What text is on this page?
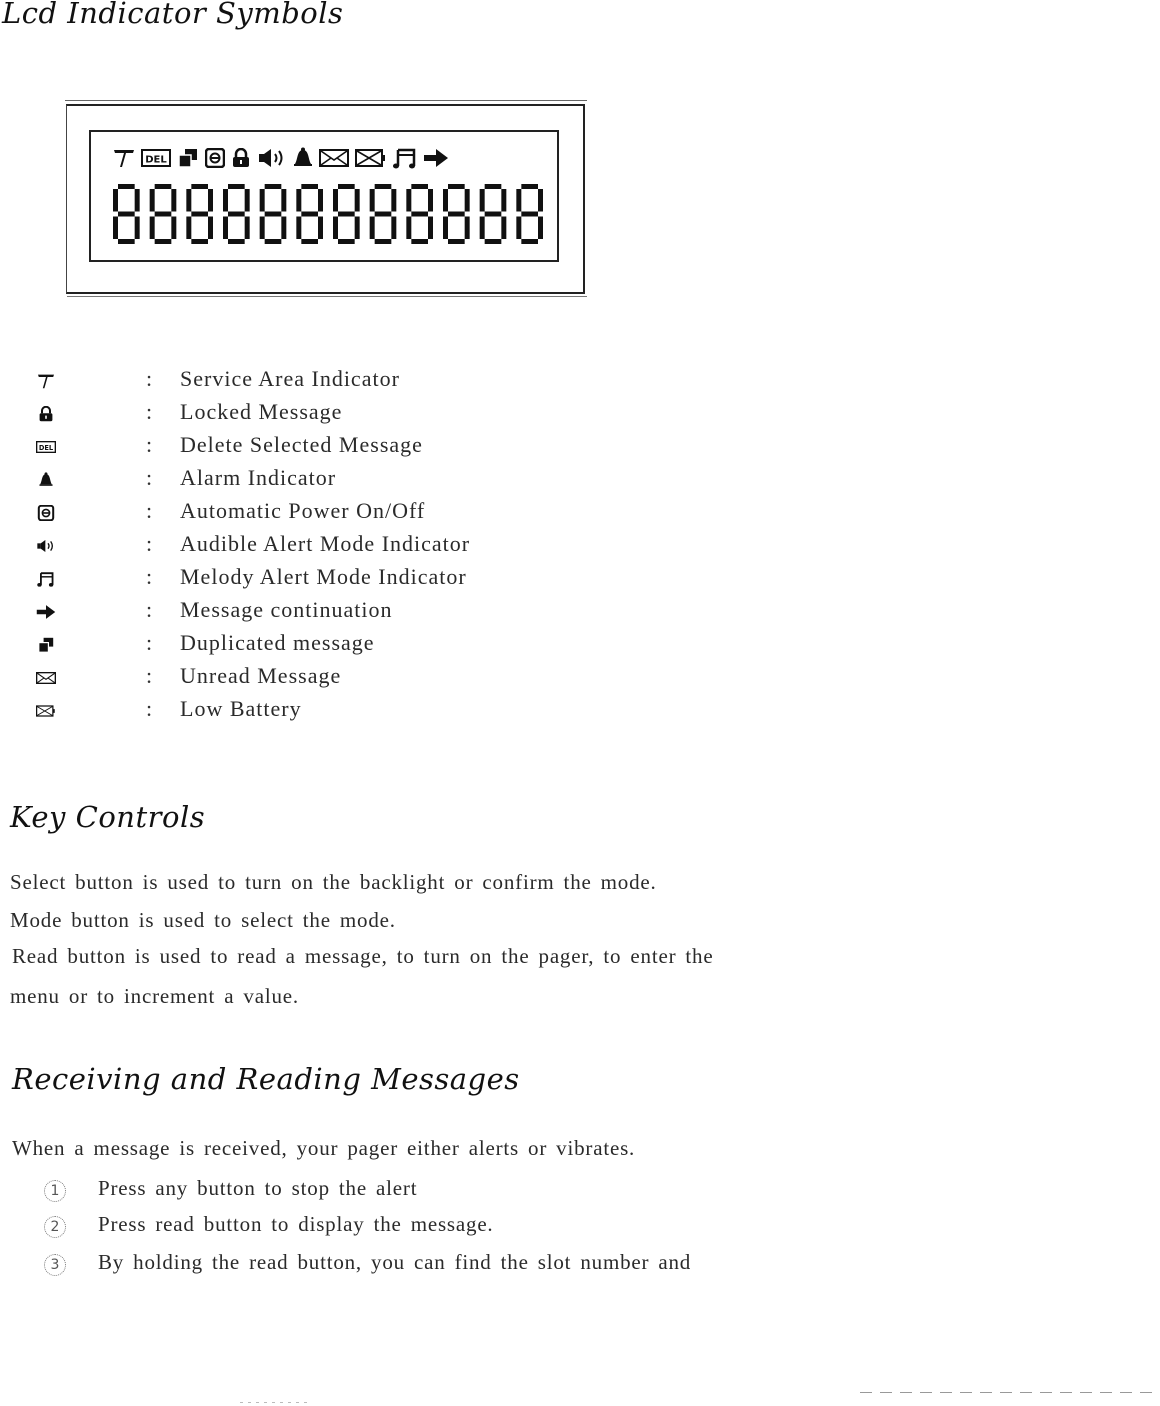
Lcd Indicator Symbols
DEL
: Service Area Indicator
: Locked Message
DEL	: Delete Selected Message
: Alarm Indicator
: Automatic Power On/Off
: Audible Alert Mode Indicator
: Melody Alert Mode Indicator
: Message continuation
: Duplicated message
: Unread Message
: Low Battery
Key Controls

Select button is used to turn on the backlight or confirm the mode.

Mode button is used to select the mode.

Read button is used to read a message, to turn on the pager, to enter the

menu or to increment a value.

Receiving and Reading Messages

When a message is received, your pager either alerts or vibrates.

1	Press any button to stop the alert

2	Press read button to display the message.

3	By holding the read button, you can find the slot number and
